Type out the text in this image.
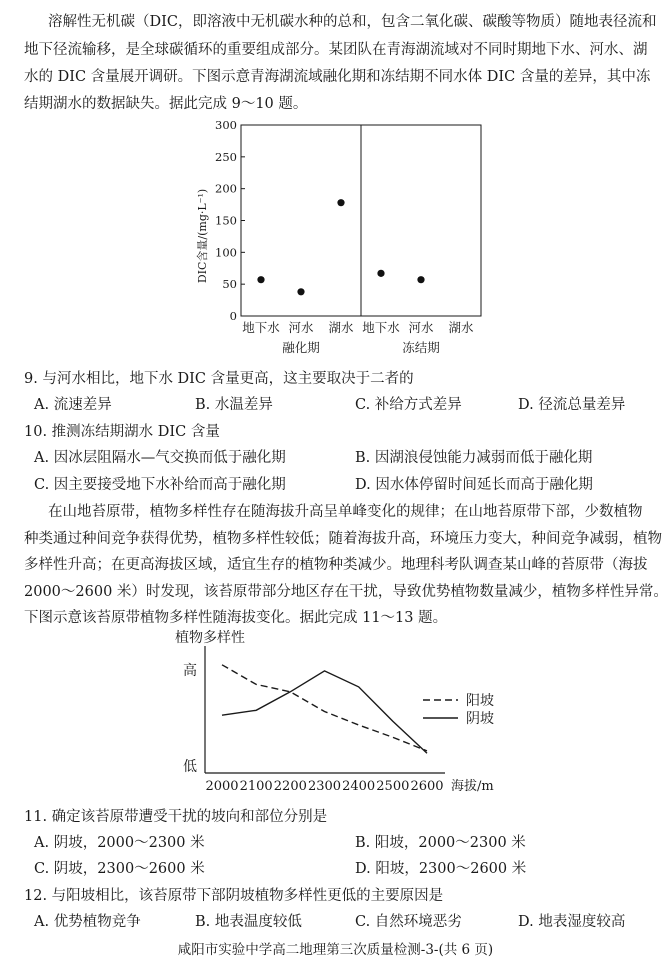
溶解性无机碳（DIC，即溶液中无机碳水种的总和，包含二氧化碳、碳酸等物质）随地表径流和
地下径流输移，是全球碳循环的重要组成部分。某团队在青海湖流域对不同时期地下水、河水、湖
水的 DIC 含量展开调研。下图示意青海湖流域融化期和冻结期不同水体 DIC 含量的差异，其中冻
结期湖水的数据缺失。据此完成 9～10 题。
DIC含量/(mg·L⁻¹)
0
50
100
150
200
250
300
地下水 河水 湖水 地下水 河水 湖水
融化期	冻结期
9. 与河水相比，地下水 DIC 含量更高，这主要取决于二者的
A. 流速差异	B. 水温差异	C. 补给方式差异	D. 径流总量差异
10. 推测冻结期湖水 DIC 含量
A. 因冰层阻隔水—气交换而低于融化期	B. 因湖浪侵蚀能力减弱而低于融化期
C. 因主要接受地下水补给而高于融化期	D. 因水体停留时间延长而高于融化期
在山地苔原带，植物多样性存在随海拔升高呈单峰变化的规律；在山地苔原带下部，少数植物
种类通过种间竞争获得优势，植物多样性较低；随着海拔升高，环境压力变大，种间竞争减弱，植物
多样性升高；在更高海拔区域，适宜生存的植物种类减少。地理科考队调查某山峰的苔原带（海拔
2000～2600 米）时发现，该苔原带部分地区存在干扰，导致优势植物数量减少，植物多样性异常。
下图示意该苔原带植物多样性随海拔变化。据此完成 11～13 题。
植物多样性
高
低
2000 2100 2200 2300 2400 2500 2600 海拔/m
阳坡
阴坡
11. 确定该苔原带遭受干扰的坡向和部位分别是
A. 阴坡，2000～2300 米	B. 阳坡，2000～2300 米
C. 阴坡，2300～2600 米	D. 阳坡，2300～2600 米
12. 与阳坡相比，该苔原带下部阴坡植物多样性更低的主要原因是
A. 优势植物竞争	B. 地表温度较低	C. 自然环境恶劣	D. 地表湿度较高
咸阳市实验中学高二地理第三次质量检测-3-(共 6 页)
